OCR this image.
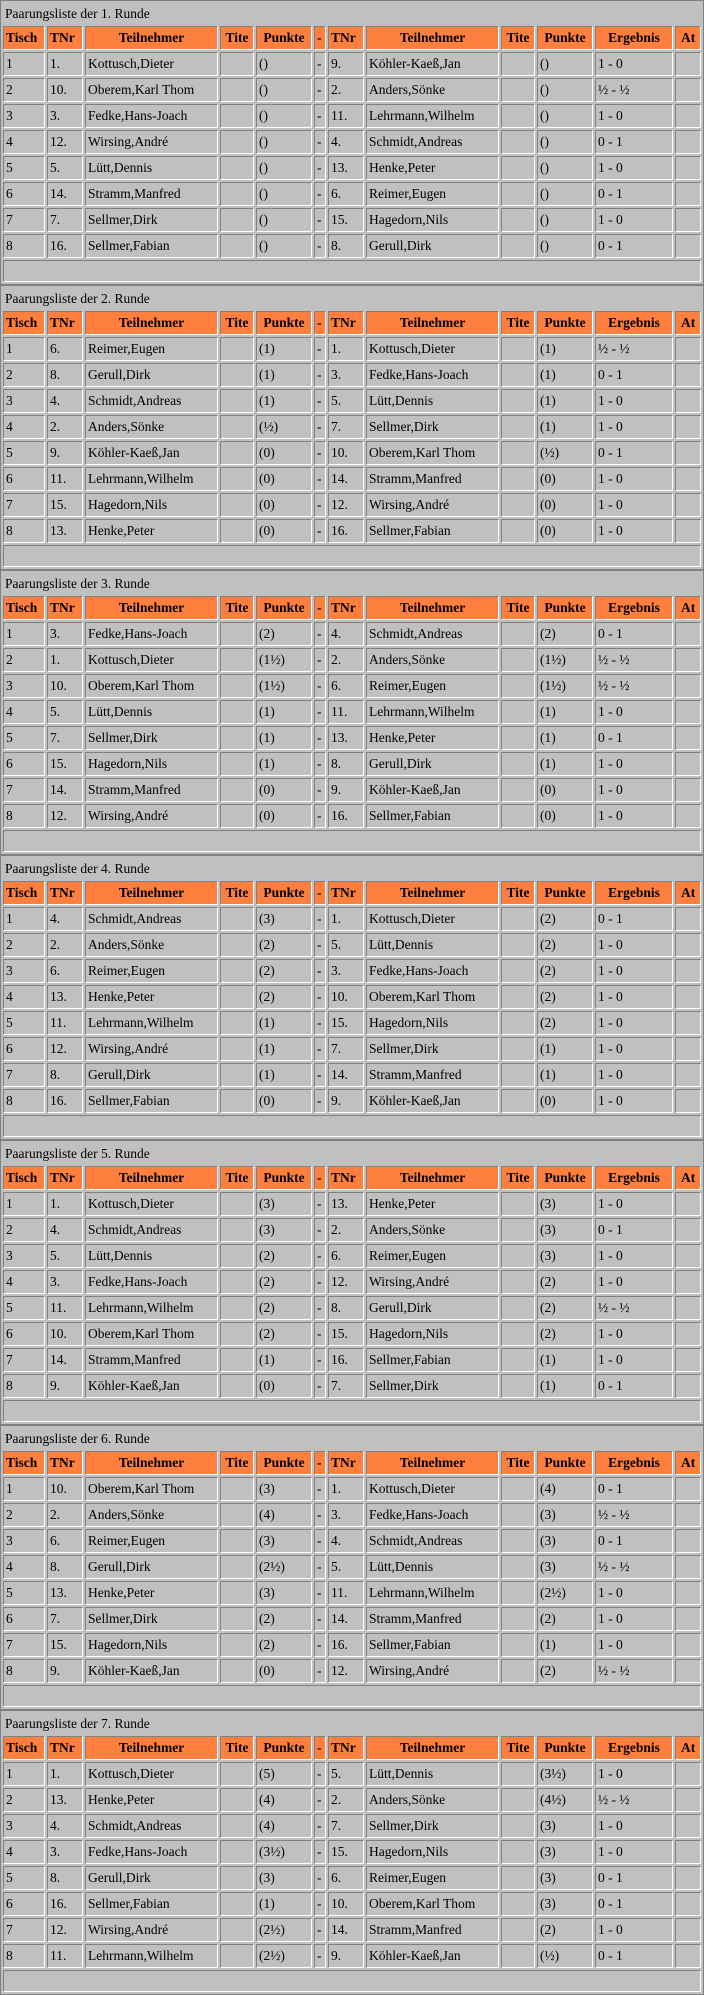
Paarungsliste der 1. Runde											
Tisch	TNr	Teilnehmer	Tite	Punkte	-	TNr	Teilnehmer	Tite	Punkte	Ergebnis	At
1	1.	Kottusch,Dieter		()	-	9.	Köhler-Kaeß,Jan		()	1 - 0	
2	10.	Oberem,Karl Thom		()	-	2.	Anders,Sönke		()	½ - ½	
3	3.	Fedke,Hans-Joach		()	-	11.	Lehrmann,Wilhelm		()	1 - 0	
4	12.	Wirsing,André		()	-	4.	Schmidt,Andreas		()	0 - 1	
5	5.	Lütt,Dennis		()	-	13.	Henke,Peter		()	1 - 0	
6	14.	Stramm,Manfred		()	-	6.	Reimer,Eugen		()	0 - 1	
7	7.	Sellmer,Dirk		()	-	15.	Hagedorn,Nils		()	1 - 0	
8	16.	Sellmer,Fabian		()	-	8.	Gerull,Dirk		()	0 - 1	

Paarungsliste der 2. Runde											
Tisch	TNr	Teilnehmer	Tite	Punkte	-	TNr	Teilnehmer	Tite	Punkte	Ergebnis	At
1	6.	Reimer,Eugen		(1)	-	1.	Kottusch,Dieter		(1)	½ - ½	
2	8.	Gerull,Dirk		(1)	-	3.	Fedke,Hans-Joach		(1)	0 - 1	
3	4.	Schmidt,Andreas		(1)	-	5.	Lütt,Dennis		(1)	1 - 0	
4	2.	Anders,Sönke		(½)	-	7.	Sellmer,Dirk		(1)	1 - 0	
5	9.	Köhler-Kaeß,Jan		(0)	-	10.	Oberem,Karl Thom		(½)	0 - 1	
6	11.	Lehrmann,Wilhelm		(0)	-	14.	Stramm,Manfred		(0)	1 - 0	
7	15.	Hagedorn,Nils		(0)	-	12.	Wirsing,André		(0)	1 - 0	
8	13.	Henke,Peter		(0)	-	16.	Sellmer,Fabian		(0)	1 - 0	

Paarungsliste der 3. Runde											
Tisch	TNr	Teilnehmer	Tite	Punkte	-	TNr	Teilnehmer	Tite	Punkte	Ergebnis	At
1	3.	Fedke,Hans-Joach		(2)	-	4.	Schmidt,Andreas		(2)	0 - 1	
2	1.	Kottusch,Dieter		(1½)	-	2.	Anders,Sönke		(1½)	½ - ½	
3	10.	Oberem,Karl Thom		(1½)	-	6.	Reimer,Eugen		(1½)	½ - ½	
4	5.	Lütt,Dennis		(1)	-	11.	Lehrmann,Wilhelm		(1)	1 - 0	
5	7.	Sellmer,Dirk		(1)	-	13.	Henke,Peter		(1)	0 - 1	
6	15.	Hagedorn,Nils		(1)	-	8.	Gerull,Dirk		(1)	1 - 0	
7	14.	Stramm,Manfred		(0)	-	9.	Köhler-Kaeß,Jan		(0)	1 - 0	
8	12.	Wirsing,André		(0)	-	16.	Sellmer,Fabian		(0)	1 - 0	

Paarungsliste der 4. Runde											
Tisch	TNr	Teilnehmer	Tite	Punkte	-	TNr	Teilnehmer	Tite	Punkte	Ergebnis	At
1	4.	Schmidt,Andreas		(3)	-	1.	Kottusch,Dieter		(2)	0 - 1	
2	2.	Anders,Sönke		(2)	-	5.	Lütt,Dennis		(2)	1 - 0	
3	6.	Reimer,Eugen		(2)	-	3.	Fedke,Hans-Joach		(2)	1 - 0	
4	13.	Henke,Peter		(2)	-	10.	Oberem,Karl Thom		(2)	1 - 0	
5	11.	Lehrmann,Wilhelm		(1)	-	15.	Hagedorn,Nils		(2)	1 - 0	
6	12.	Wirsing,André		(1)	-	7.	Sellmer,Dirk		(1)	1 - 0	
7	8.	Gerull,Dirk		(1)	-	14.	Stramm,Manfred		(1)	1 - 0	
8	16.	Sellmer,Fabian		(0)	-	9.	Köhler-Kaeß,Jan		(0)	1 - 0	

Paarungsliste der 5. Runde											
Tisch	TNr	Teilnehmer	Tite	Punkte	-	TNr	Teilnehmer	Tite	Punkte	Ergebnis	At
1	1.	Kottusch,Dieter		(3)	-	13.	Henke,Peter		(3)	1 - 0	
2	4.	Schmidt,Andreas		(3)	-	2.	Anders,Sönke		(3)	0 - 1	
3	5.	Lütt,Dennis		(2)	-	6.	Reimer,Eugen		(3)	1 - 0	
4	3.	Fedke,Hans-Joach		(2)	-	12.	Wirsing,André		(2)	1 - 0	
5	11.	Lehrmann,Wilhelm		(2)	-	8.	Gerull,Dirk		(2)	½ - ½	
6	10.	Oberem,Karl Thom		(2)	-	15.	Hagedorn,Nils		(2)	1 - 0	
7	14.	Stramm,Manfred		(1)	-	16.	Sellmer,Fabian		(1)	1 - 0	
8	9.	Köhler-Kaeß,Jan		(0)	-	7.	Sellmer,Dirk		(1)	0 - 1	

Paarungsliste der 6. Runde											
Tisch	TNr	Teilnehmer	Tite	Punkte	-	TNr	Teilnehmer	Tite	Punkte	Ergebnis	At
1	10.	Oberem,Karl Thom		(3)	-	1.	Kottusch,Dieter		(4)	0 - 1	
2	2.	Anders,Sönke		(4)	-	3.	Fedke,Hans-Joach		(3)	½ - ½	
3	6.	Reimer,Eugen		(3)	-	4.	Schmidt,Andreas		(3)	0 - 1	
4	8.	Gerull,Dirk		(2½)	-	5.	Lütt,Dennis		(3)	½ - ½	
5	13.	Henke,Peter		(3)	-	11.	Lehrmann,Wilhelm		(2½)	1 - 0	
6	7.	Sellmer,Dirk		(2)	-	14.	Stramm,Manfred		(2)	1 - 0	
7	15.	Hagedorn,Nils		(2)	-	16.	Sellmer,Fabian		(1)	1 - 0	
8	9.	Köhler-Kaeß,Jan		(0)	-	12.	Wirsing,André		(2)	½ - ½	

Paarungsliste der 7. Runde											
Tisch	TNr	Teilnehmer	Tite	Punkte	-	TNr	Teilnehmer	Tite	Punkte	Ergebnis	At
1	1.	Kottusch,Dieter		(5)	-	5.	Lütt,Dennis		(3½)	1 - 0	
2	13.	Henke,Peter		(4)	-	2.	Anders,Sönke		(4½)	½ - ½	
3	4.	Schmidt,Andreas		(4)	-	7.	Sellmer,Dirk		(3)	1 - 0	
4	3.	Fedke,Hans-Joach		(3½)	-	15.	Hagedorn,Nils		(3)	1 - 0	
5	8.	Gerull,Dirk		(3)	-	6.	Reimer,Eugen		(3)	0 - 1	
6	16.	Sellmer,Fabian		(1)	-	10.	Oberem,Karl Thom		(3)	0 - 1	
7	12.	Wirsing,André		(2½)	-	14.	Stramm,Manfred		(2)	1 - 0	
8	11.	Lehrmann,Wilhelm		(2½)	-	9.	Köhler-Kaeß,Jan		(½)	0 - 1	
